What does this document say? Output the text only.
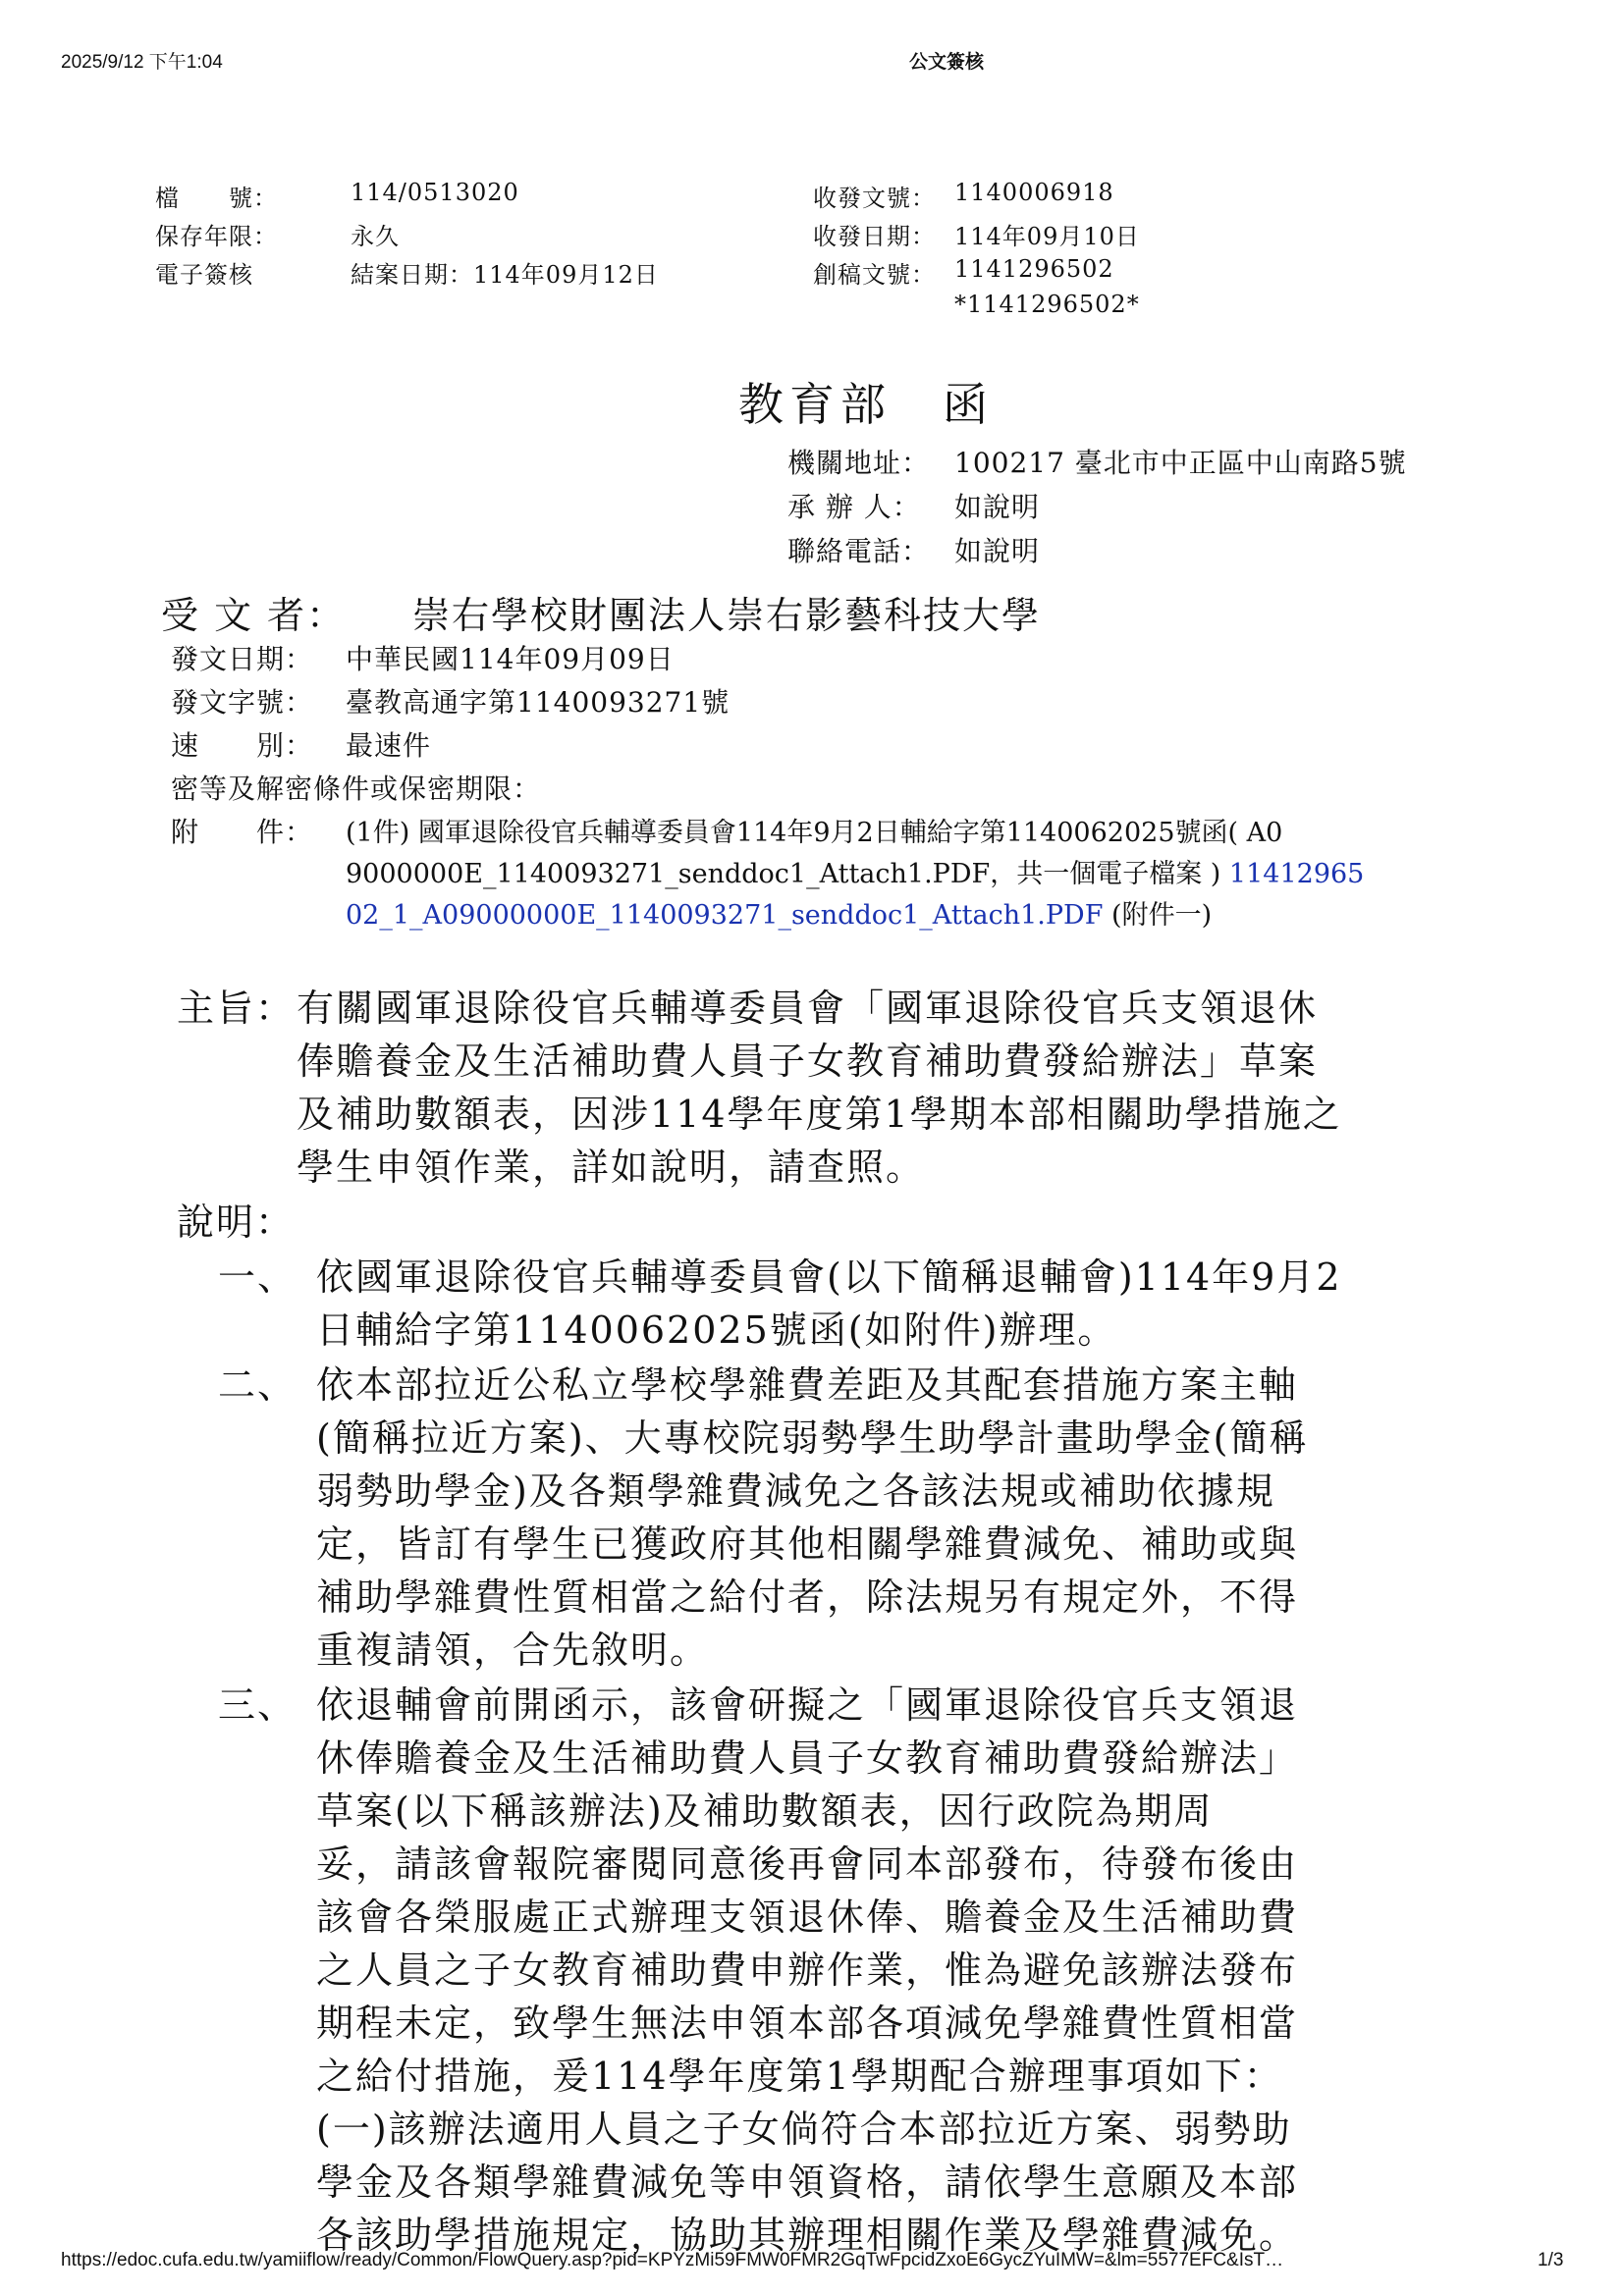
2025/9/12 下午1:04	公文簽核
檔　　號：	114/0513020
保存年限：	永久
電子簽核	結案日期：114年09月12日
收發文號： 1140006918
收發日期： 114年09月10日
創稿文號： 1141296502
*1141296502*
教育部　函
機關地址： 100217 臺北市中正區中山南路5號
承 辦 人： 如說明
聯絡電話： 如說明
受 文 者： 崇右學校財團法人崇右影藝科技大學
發文日期： 中華民國114年09月09日
發文字號： 臺教高通字第1140093271號
速　　別： 最速件
密等及解密條件或保密期限：
附　　件： (1件) 國軍退除役官兵輔導委員會114年9月2日輔給字第1140062025號函( A0
9000000E_1140093271_senddoc1_Attach1.PDF，共一個電子檔案 ) 11412965
02_1_A09000000E_1140093271_senddoc1_Attach1.PDF (附件一)
主旨： 有關國軍退除役官兵輔導委員會「國軍退除役官兵支領退休
俸贍養金及生活補助費人員子女教育補助費發給辦法」草案
及補助數額表，因涉114學年度第1學期本部相關助學措施之
學生申領作業，詳如說明，請查照。
說明：
一、 依國軍退除役官兵輔導委員會(以下簡稱退輔會)114年9月2
日輔給字第1140062025號函(如附件)辦理。
二、 依本部拉近公私立學校學雜費差距及其配套措施方案主軸
(簡稱拉近方案)、大專校院弱勢學生助學計畫助學金(簡稱
弱勢助學金)及各類學雜費減免之各該法規或補助依據規
定，皆訂有學生已獲政府其他相關學雜費減免、補助或與
補助學雜費性質相當之給付者，除法規另有規定外，不得
重複請領，合先敘明。
三、 依退輔會前開函示，該會研擬之「國軍退除役官兵支領退
休俸贍養金及生活補助費人員子女教育補助費發給辦法」
草案(以下稱該辦法)及補助數額表，因行政院為期周
妥，請該會報院審閱同意後再會同本部發布，待發布後由
該會各榮服處正式辦理支領退休俸、贍養金及生活補助費
之人員之子女教育補助費申辦作業，惟為避免該辦法發布
期程未定，致學生無法申領本部各項減免學雜費性質相當
之給付措施，爰114學年度第1學期配合辦理事項如下：
(一)該辦法適用人員之子女倘符合本部拉近方案、弱勢助
學金及各類學雜費減免等申領資格，請依學生意願及本部
各該助學措施規定，協助其辦理相關作業及學雜費減免。
https://edoc.cufa.edu.tw/yamiiflow/ready/Common/FlowQuery.asp?pid=KPYzMi59FMW0FMR2GqTwFpcidZxoE6GycZYuIMW=&lm=5577EFC&IsT…	1/3
